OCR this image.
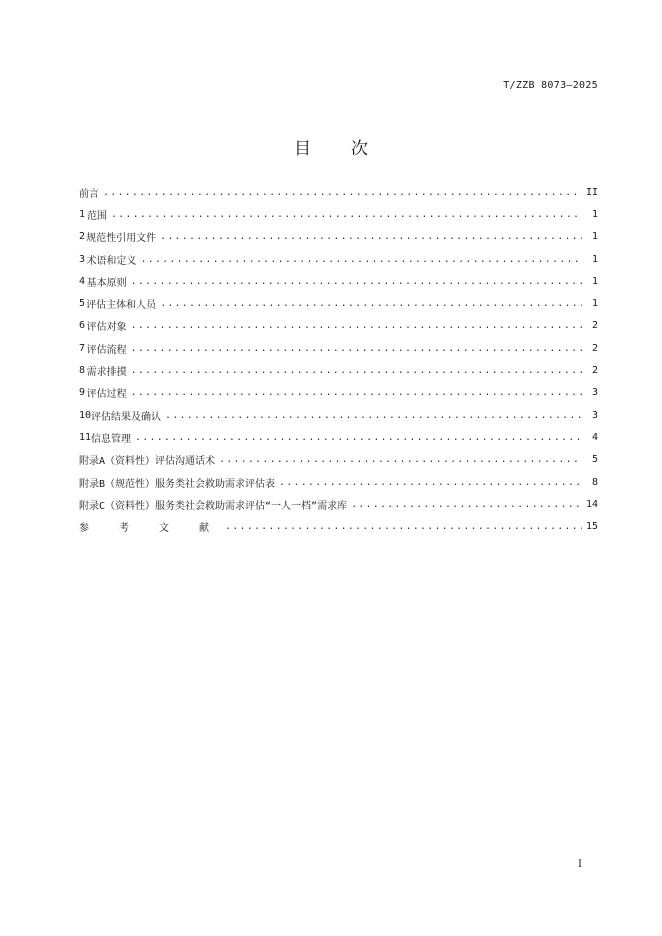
T/ZZB 8073—2025
目 次
前言 .....	II
1 范围 .....	1
2 规范性引用文件 .....	1
3 术语和定义 .....	1
4 基本原则 .....	1
5 评估主体和人员 .....	1
6 评估对象 .....	2
7 评估流程 .....	2
8 需求排摸 .....	2
9 评估过程 .....	3
10 评估结果及确认 .....	3
11 信息管理 .....	4
附录A（资料性） 评估沟通话术 .....	5
附录B（规范性） 服务类社会救助需求评估表 .....	8
附录C（资料性） 服务类社会救助需求评估“一人一档”需求库 .....	14
参 考 文 献 .....	15
I
